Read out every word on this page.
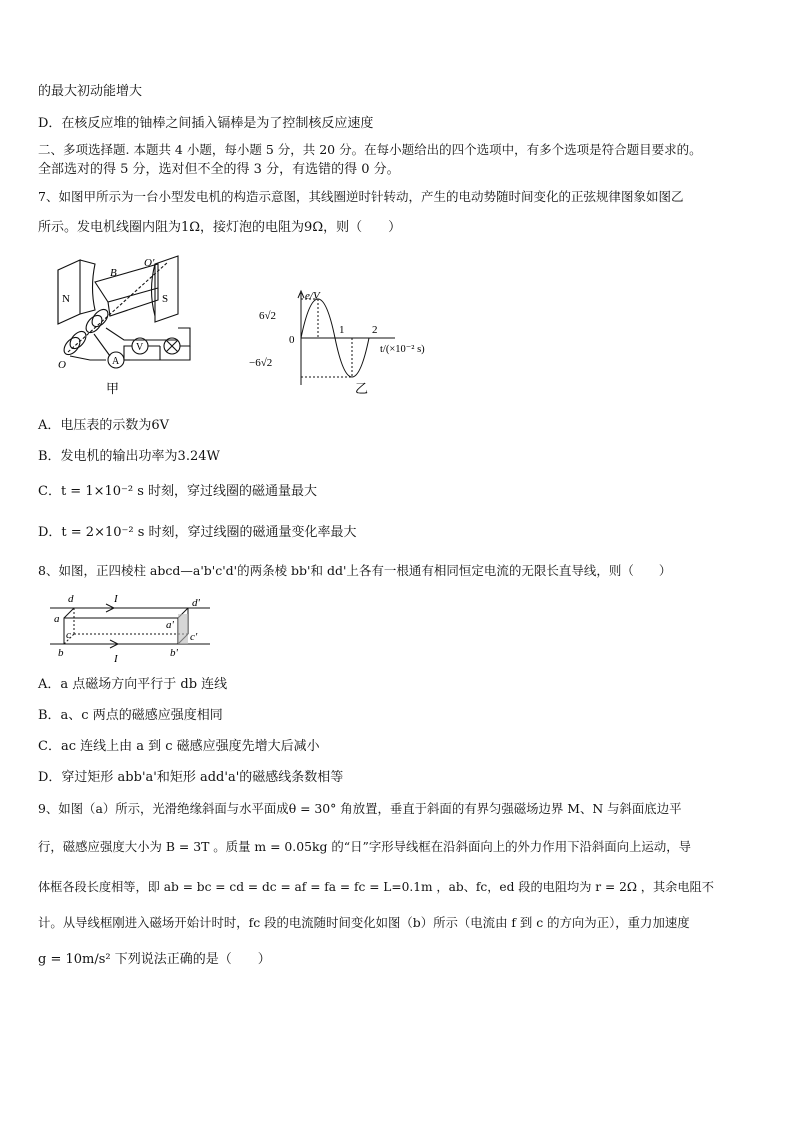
的最大初动能增大
D．在核反应堆的铀棒之间插入镉棒是为了控制核反应速度
二、多项选择题. 本题共 4 小题，每小题 5 分，共 20 分。在每小题给出的四个选项中，有多个选项是符合题目要求的。
全部选对的得 5 分，选对但不全的得 3 分，有选错的得 0 分。
7、如图甲所示为一台小型发电机的构造示意图，其线圈逆时针转动，产生的电动势随时间变化的正弦规律图象如图乙
所示。发电机线圈内阻为1Ω，接灯泡的电阻为9Ω，则（　　）
N	S
B
O'
O	A
V
甲
e/V
6√2
0
−6√2
1	2
t/(×10⁻² s)
乙
A．电压表的示数为6V
B．发电机的输出功率为3.24W
C．t = 1×10⁻² s 时刻，穿过线圈的磁通量最大
D．t = 2×10⁻² s 时刻，穿过线圈的磁通量变化率最大
8、如图，正四棱柱 abcd—a'b'c'd'的两条棱 bb'和 dd'上各有一根通有相同恒定电流的无限长直导线，则（　　）
d	d'
a	a'
c	c'
b	b'
I
I
A．a 点磁场方向平行于 db 连线
B．a、c 两点的磁感应强度相同
C．ac 连线上由 a 到 c 磁感应强度先增大后减小
D．穿过矩形 abb'a'和矩形 add'a'的磁感线条数相等
9、如图（a）所示，光滑绝缘斜面与水平面成θ = 30° 角放置，垂直于斜面的有界匀强磁场边界 M、N 与斜面底边平
行，磁感应强度大小为 B = 3T 。质量 m = 0.05kg 的“日”字形导线框在沿斜面向上的外力作用下沿斜面向上运动，导
体框各段长度相等，即 ab = bc = cd = dc = af = fa = fc = L=0.1m ，ab、fc，ed 段的电阻均为 r = 2Ω ，其余电阻不
计。从导线框刚进入磁场开始计时时，fc 段的电流随时间变化如图（b）所示（电流由 f 到 c 的方向为正），重力加速度
g = 10m/s² 下列说法正确的是（　　）
